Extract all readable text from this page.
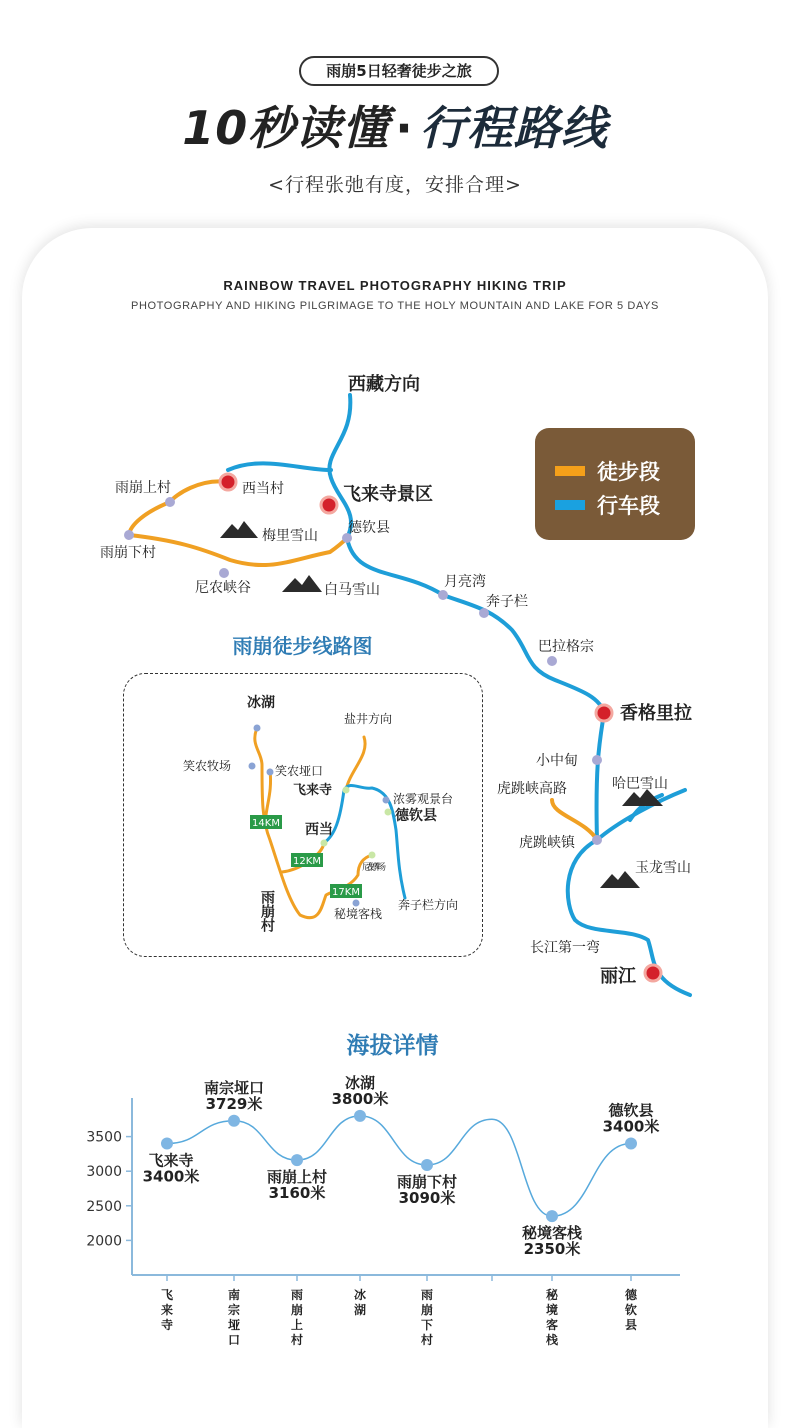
雨崩5日轻奢徒步之旅
10秒读懂 · 行程路线
<行程张弛有度，安排合理>
RAINBOW TRAVEL PHOTOGRAPHY HIKING TRIP
PHOTOGRAPHY AND HIKING PILGRIMAGE TO THE HOLY MOUNTAIN AND LAKE FOR 5 DAYS
西藏方向
飞来寺景区
西当村
雨崩上村
雨崩下村
梅里雪山 德钦县
尼农峡谷	白马雪山	月亮湾
奔子栏
巴拉格宗
香格里拉
小中甸
哈巴雪山
虎跳峡高路
虎跳峡镇
玉龙雪山
长江第一弯
丽江
徒步段
行车段
雨崩徒步线路图
14KM
12KM
17KM
冰湖
盐井方向
笑农牧场	笑农垭口
飞来寺
浓雾观景台
德钦县
西当
尼农停车场
秘境客栈
奔子栏方向
雨崩村
海拔详情
2000
2500
3000
3500
飞
来
寺
南
宗
垭
口
雨
崩
上
村
冰
湖
雨
崩
下
村
秘
境
客
栈
德
钦
县
飞来寺
3400米
南宗垭口
3729米
雨崩上村
3160米
冰湖
3800米
雨崩下村
3090米
秘境客栈
2350米
德钦县
3400米
